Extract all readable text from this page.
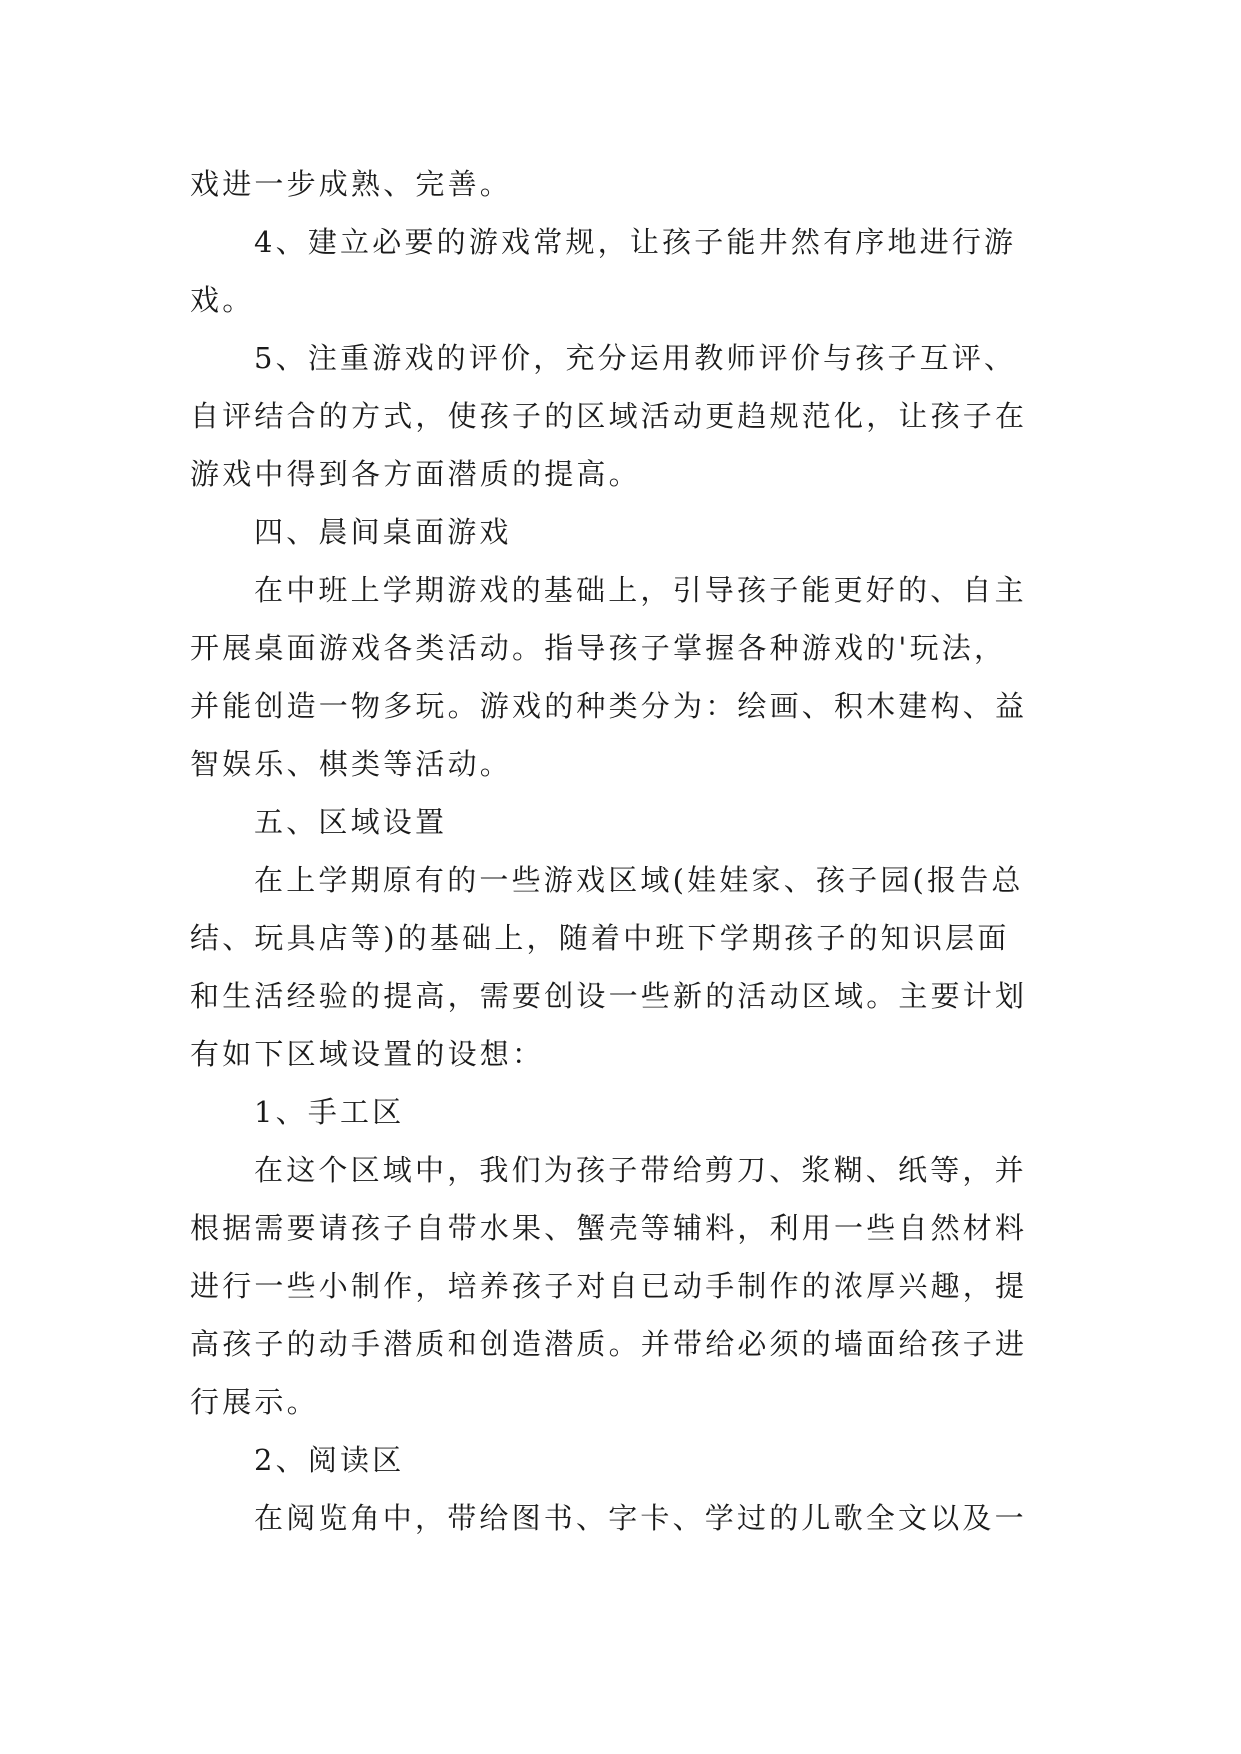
戏进一步成熟、完善。
4、建立必要的游戏常规，让孩子能井然有序地进行游
戏。
5、注重游戏的评价，充分运用教师评价与孩子互评、
自评结合的方式，使孩子的区域活动更趋规范化，让孩子在
游戏中得到各方面潜质的提高。
四、晨间桌面游戏
在中班上学期游戏的基础上，引导孩子能更好的、自主
开展桌面游戏各类活动。指导孩子掌握各种游戏的'玩法，
并能创造一物多玩。游戏的种类分为：绘画、积木建构、益
智娱乐、棋类等活动。
五、区域设置
在上学期原有的一些游戏区域(娃娃家、孩子园(报告总
结、玩具店等)的基础上，随着中班下学期孩子的知识层面
和生活经验的提高，需要创设一些新的活动区域。主要计划
有如下区域设置的设想：
1、手工区
在这个区域中，我们为孩子带给剪刀、浆糊、纸等，并
根据需要请孩子自带水果、蟹壳等辅料，利用一些自然材料
进行一些小制作，培养孩子对自已动手制作的浓厚兴趣，提
高孩子的动手潜质和创造潜质。并带给必须的墙面给孩子进
行展示。
2、阅读区
在阅览角中，带给图书、字卡、学过的儿歌全文以及一
